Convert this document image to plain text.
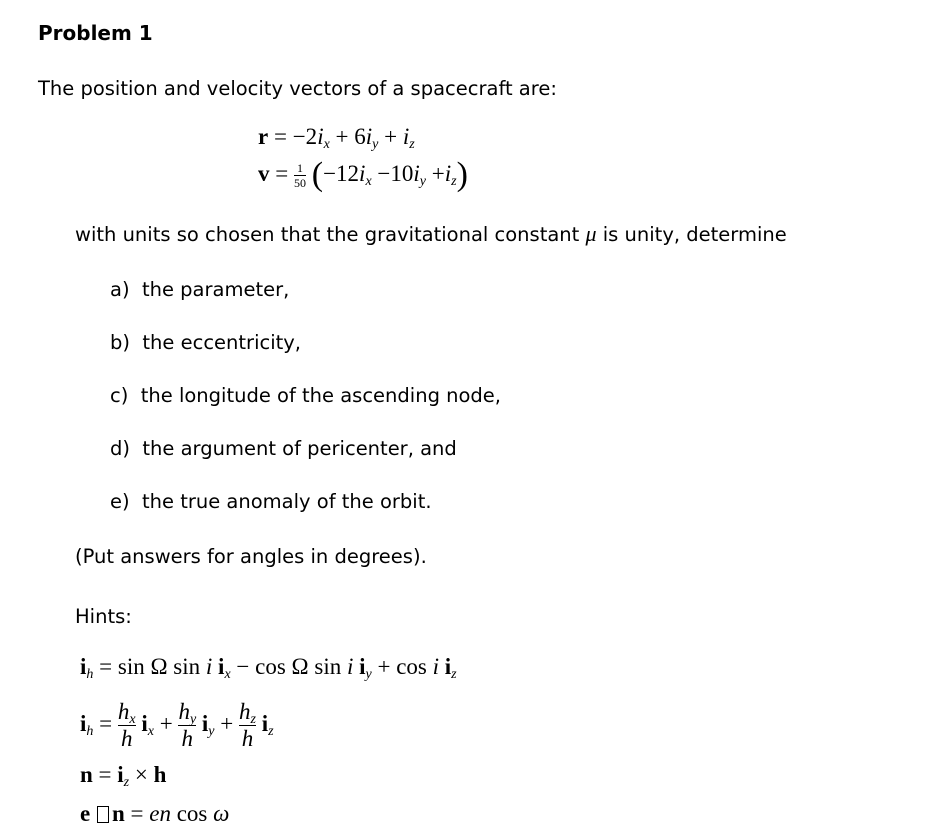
Problem 1
The position and velocity vectors of a spacecraft are:
$r = -2i_x + 6i_y + i_z$
$v = \frac{1}{50} (-12i_x -10i_y +i_z)$
with units so chosen that the gravitational constant μ is unity, determine
a) the parameter,
b) the eccentricity,
c) the longitude of the ascending node,
d) the argument of pericenter, and
e) the true anomaly of the orbit.
(Put answers for angles in degrees).
Hints:
$i_h = \sin \Omega$ sin i $i_x - \cos \Omega$ sin i $i_y + \cos i$ $i_z$
$i_h = \frac{h_x}{h} i_x + \frac{h_y}{h} i_y + \frac{h_z}{h} i_z$
$n = i_z \times h$
e n = en cos ω
